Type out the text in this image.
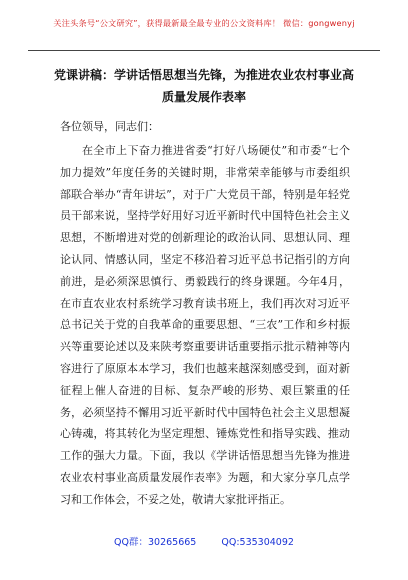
关注头条号“公文研究”，获得最新最全最专业的公文资料库！ 微信：gongwenyj
党课讲稿：学讲话悟思想当先锋，为推进农业农村事业高质量发展作表率
各位领导，同志们：

在全市上下奋力推进省委“打好八场硬仗”和市委“七个加力提效”年度任务的关键时期，非常荣幸能够与市委组织部联合举办“青年讲坛”，对于广大党员干部，特别是年轻党员干部来说，坚持学好用好习近平新时代中国特色社会主义思想，不断增进对党的创新理论的政治认同、思想认同、理论认同、情感认同，坚定不移沿着习近平总书记指引的方向前进，是必须深思慎行、勇毅践行的终身课题。今年4月，在市直农业农村系统学习教育读书班上，我们再次对习近平总书记关于党的自我革命的重要思想、“三农”工作和乡村振兴等重要论述以及来陕考察重要讲话重要指示批示精神等内容进行了原原本本学习，我们也越来越深刻感受到，面对新征程上催人奋进的目标、复杂严峻的形势、艰巨繁重的任务，必须坚持不懈用习近平新时代中国特色社会主义思想凝心铸魂，将其转化为坚定理想、锤炼党性和指导实践、推动工作的强大力量。下面，我以《学讲话悟思想当先锋为推进农业农村事业高质量发展作表率》为题，和大家分享几点学习和工作体会，不妥之处，敬请大家批评指正。

QQ群：30265665	QQ:535304092
